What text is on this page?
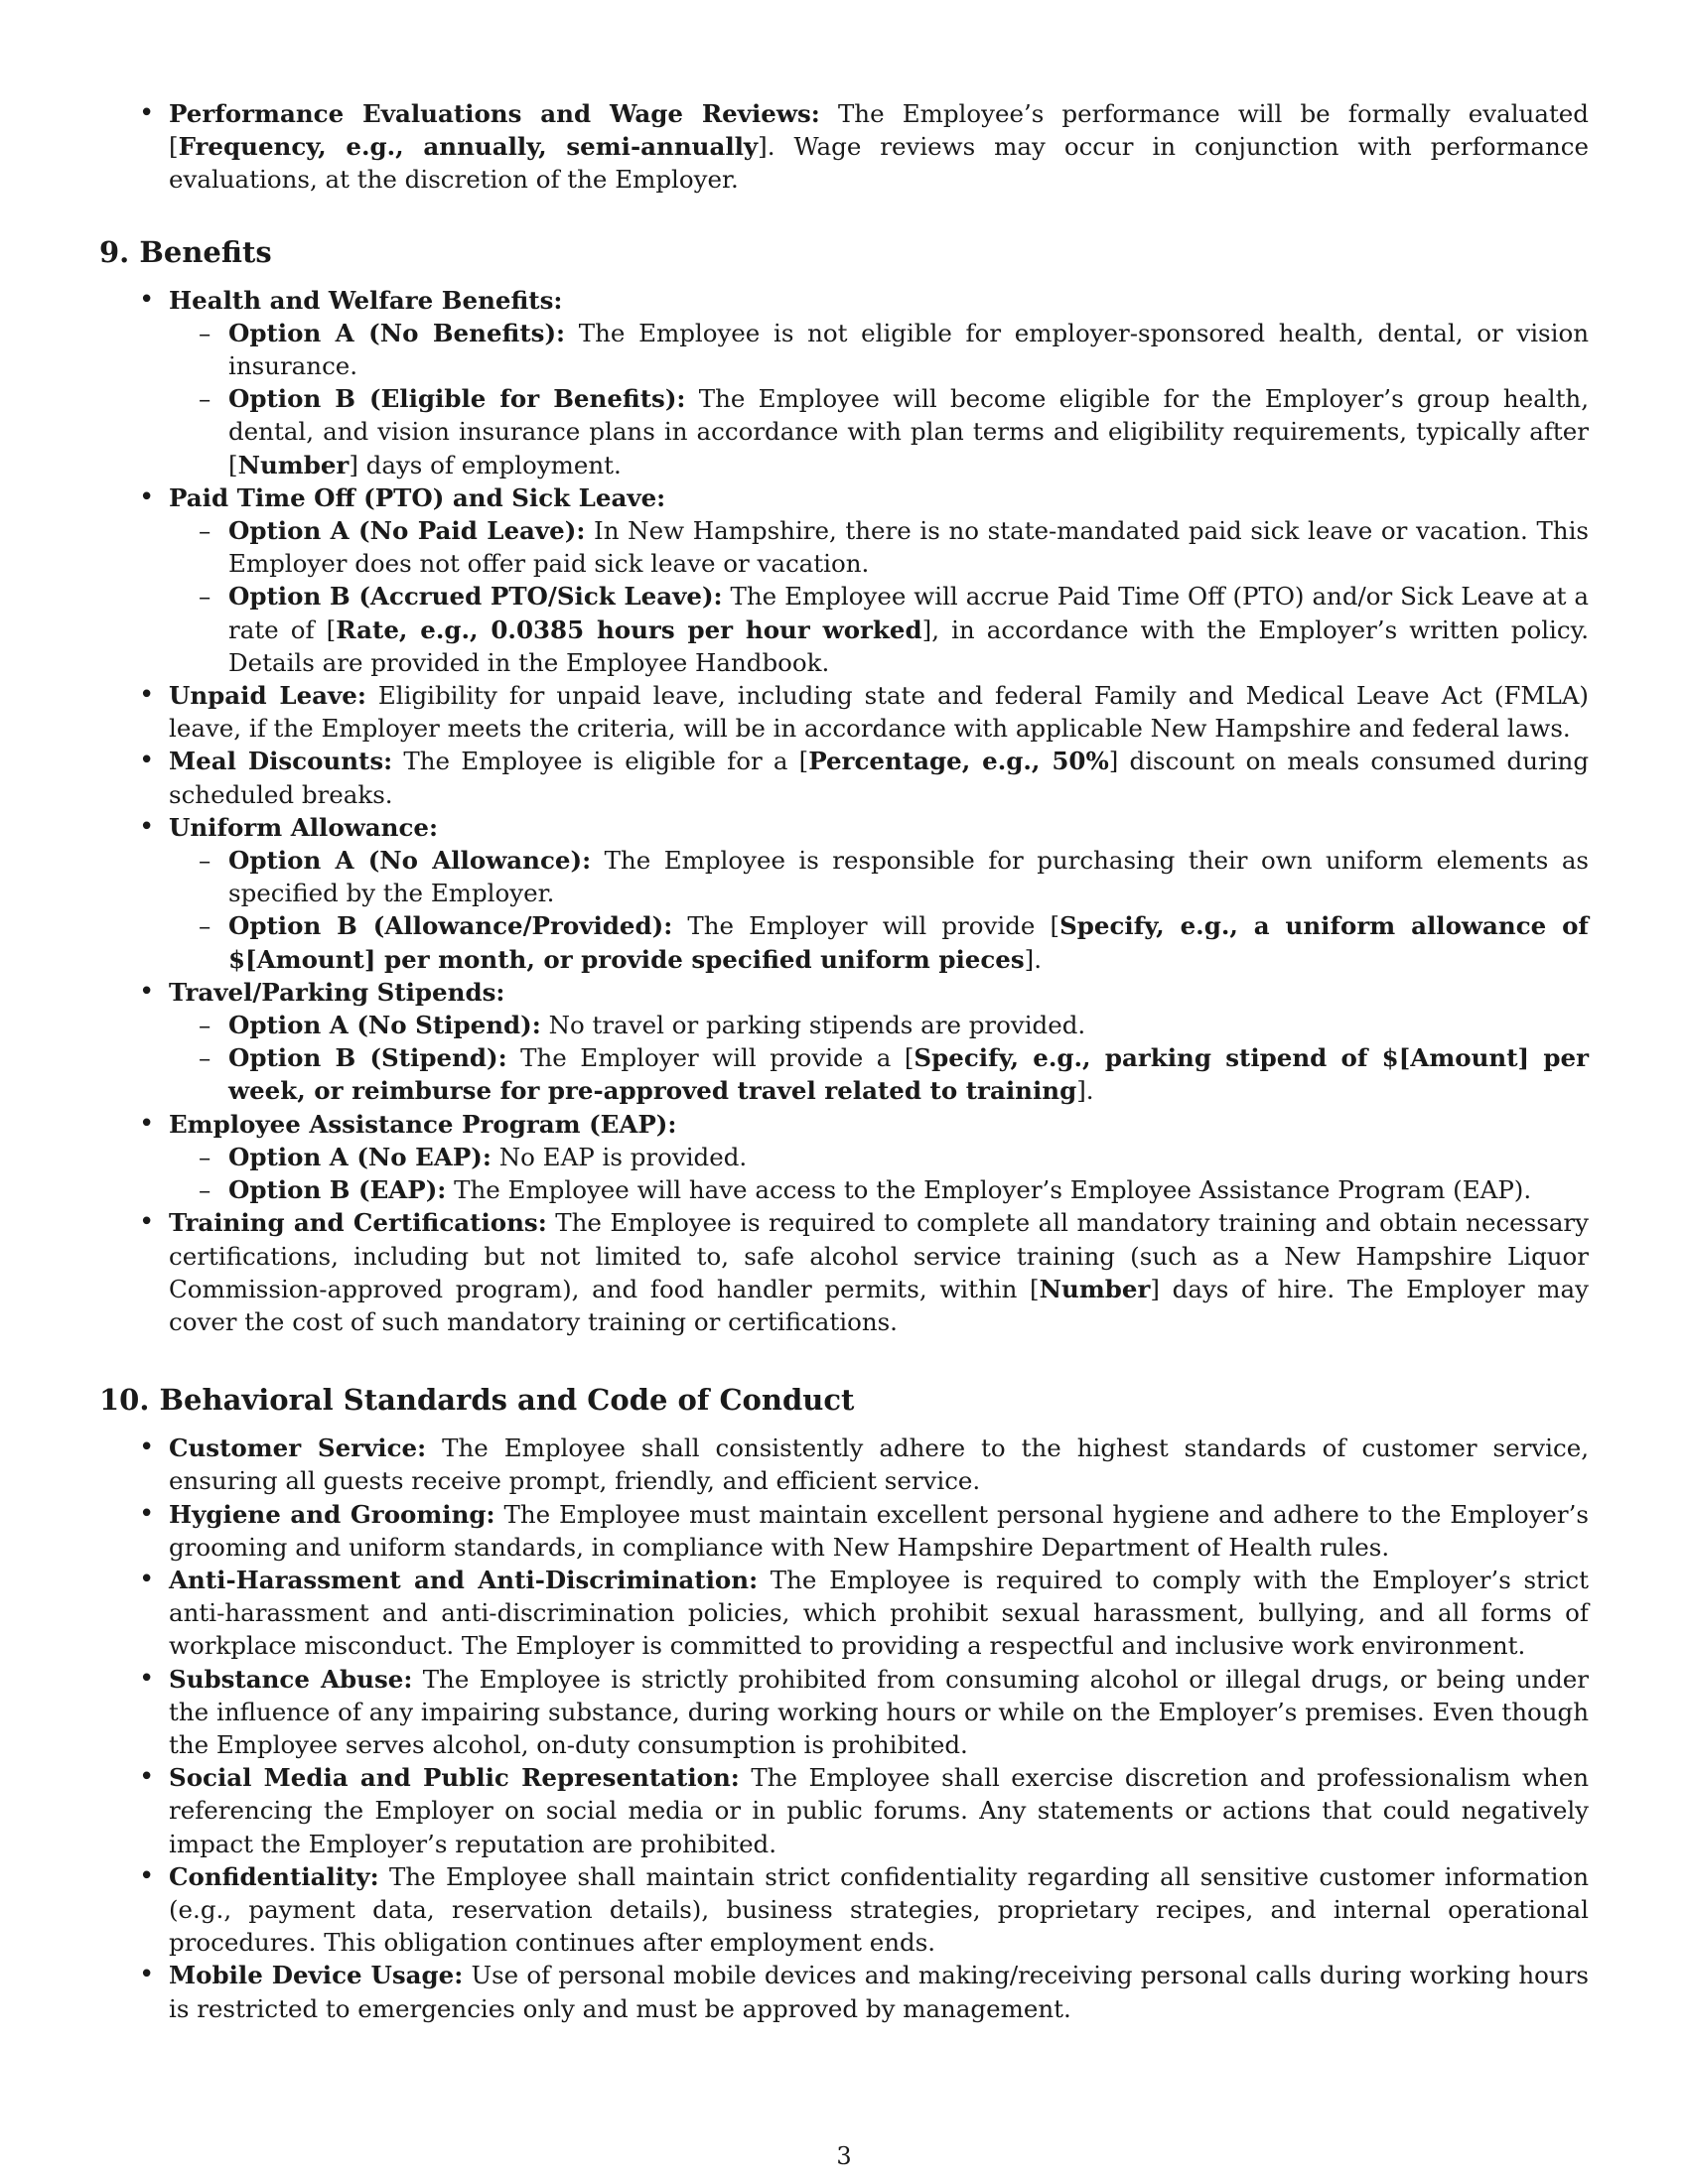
• Performance Evaluations and Wage Reviews: The Employee’s performance will be formally evaluated [Frequency, e.g., annually, semi-annually]. Wage reviews may occur in conjunction with performance evaluations, at the discretion of the Employer.
9. Benefits
• Health and Welfare Benefits:
– Option A (No Benefits): The Employee is not eligible for employer-sponsored health, dental, or vision insurance.
– Option B (Eligible for Benefits): The Employee will become eligible for the Employer’s group health, dental, and vision insurance plans in accordance with plan terms and eligibility requirements, typically after [Number] days of employment.
• Paid Time Off (PTO) and Sick Leave:
– Option A (No Paid Leave): In New Hampshire, there is no state-mandated paid sick leave or vacation. This Employer does not offer paid sick leave or vacation.
– Option B (Accrued PTO/Sick Leave): The Employee will accrue Paid Time Off (PTO) and/or Sick Leave at a rate of [Rate, e.g., 0.0385 hours per hour worked], in accordance with the Employer’s written policy. Details are provided in the Employee Handbook.
• Unpaid Leave: Eligibility for unpaid leave, including state and federal Family and Medical Leave Act (FMLA) leave, if the Employer meets the criteria, will be in accordance with applicable New Hampshire and federal laws.
• Meal Discounts: The Employee is eligible for a [Percentage, e.g., 50%] discount on meals consumed during scheduled breaks.
• Uniform Allowance:
– Option A (No Allowance): The Employee is responsible for purchasing their own uniform elements as specified by the Employer.
– Option B (Allowance/Provided): The Employer will provide [Specify, e.g., a uniform allowance of $[Amount] per month, or provide specified uniform pieces].
• Travel/Parking Stipends:
– Option A (No Stipend): No travel or parking stipends are provided.
– Option B (Stipend): The Employer will provide a [Specify, e.g., parking stipend of $[Amount] per week, or reimburse for pre-approved travel related to training].
• Employee Assistance Program (EAP):
– Option A (No EAP): No EAP is provided.
– Option B (EAP): The Employee will have access to the Employer’s Employee Assistance Program (EAP).
• Training and Certifications: The Employee is required to complete all mandatory training and obtain necessary certifications, including but not limited to, safe alcohol service training (such as a New Hampshire Liquor Commission-approved program), and food handler permits, within [Number] days of hire. The Employer may cover the cost of such mandatory training or certifications.
10. Behavioral Standards and Code of Conduct
• Customer Service: The Employee shall consistently adhere to the highest standards of customer service, ensuring all guests receive prompt, friendly, and efficient service.
• Hygiene and Grooming: The Employee must maintain excellent personal hygiene and adhere to the Employer’s grooming and uniform standards, in compliance with New Hampshire Department of Health rules.
• Anti-Harassment and Anti-Discrimination: The Employee is required to comply with the Employer’s strict anti-harassment and anti-discrimination policies, which prohibit sexual harassment, bullying, and all forms of workplace misconduct. The Employer is committed to providing a respectful and inclusive work environment.
• Substance Abuse: The Employee is strictly prohibited from consuming alcohol or illegal drugs, or being under the influence of any impairing substance, during working hours or while on the Employer’s premises. Even though the Employee serves alcohol, on-duty consumption is prohibited.
• Social Media and Public Representation: The Employee shall exercise discretion and professionalism when referencing the Employer on social media or in public forums. Any statements or actions that could negatively impact the Employer’s reputation are prohibited.
• Confidentiality: The Employee shall maintain strict confidentiality regarding all sensitive customer information (e.g., payment data, reservation details), business strategies, proprietary recipes, and internal operational procedures. This obligation continues after employment ends.
• Mobile Device Usage: Use of personal mobile devices and making/receiving personal calls during working hours is restricted to emergencies only and must be approved by management.
3
